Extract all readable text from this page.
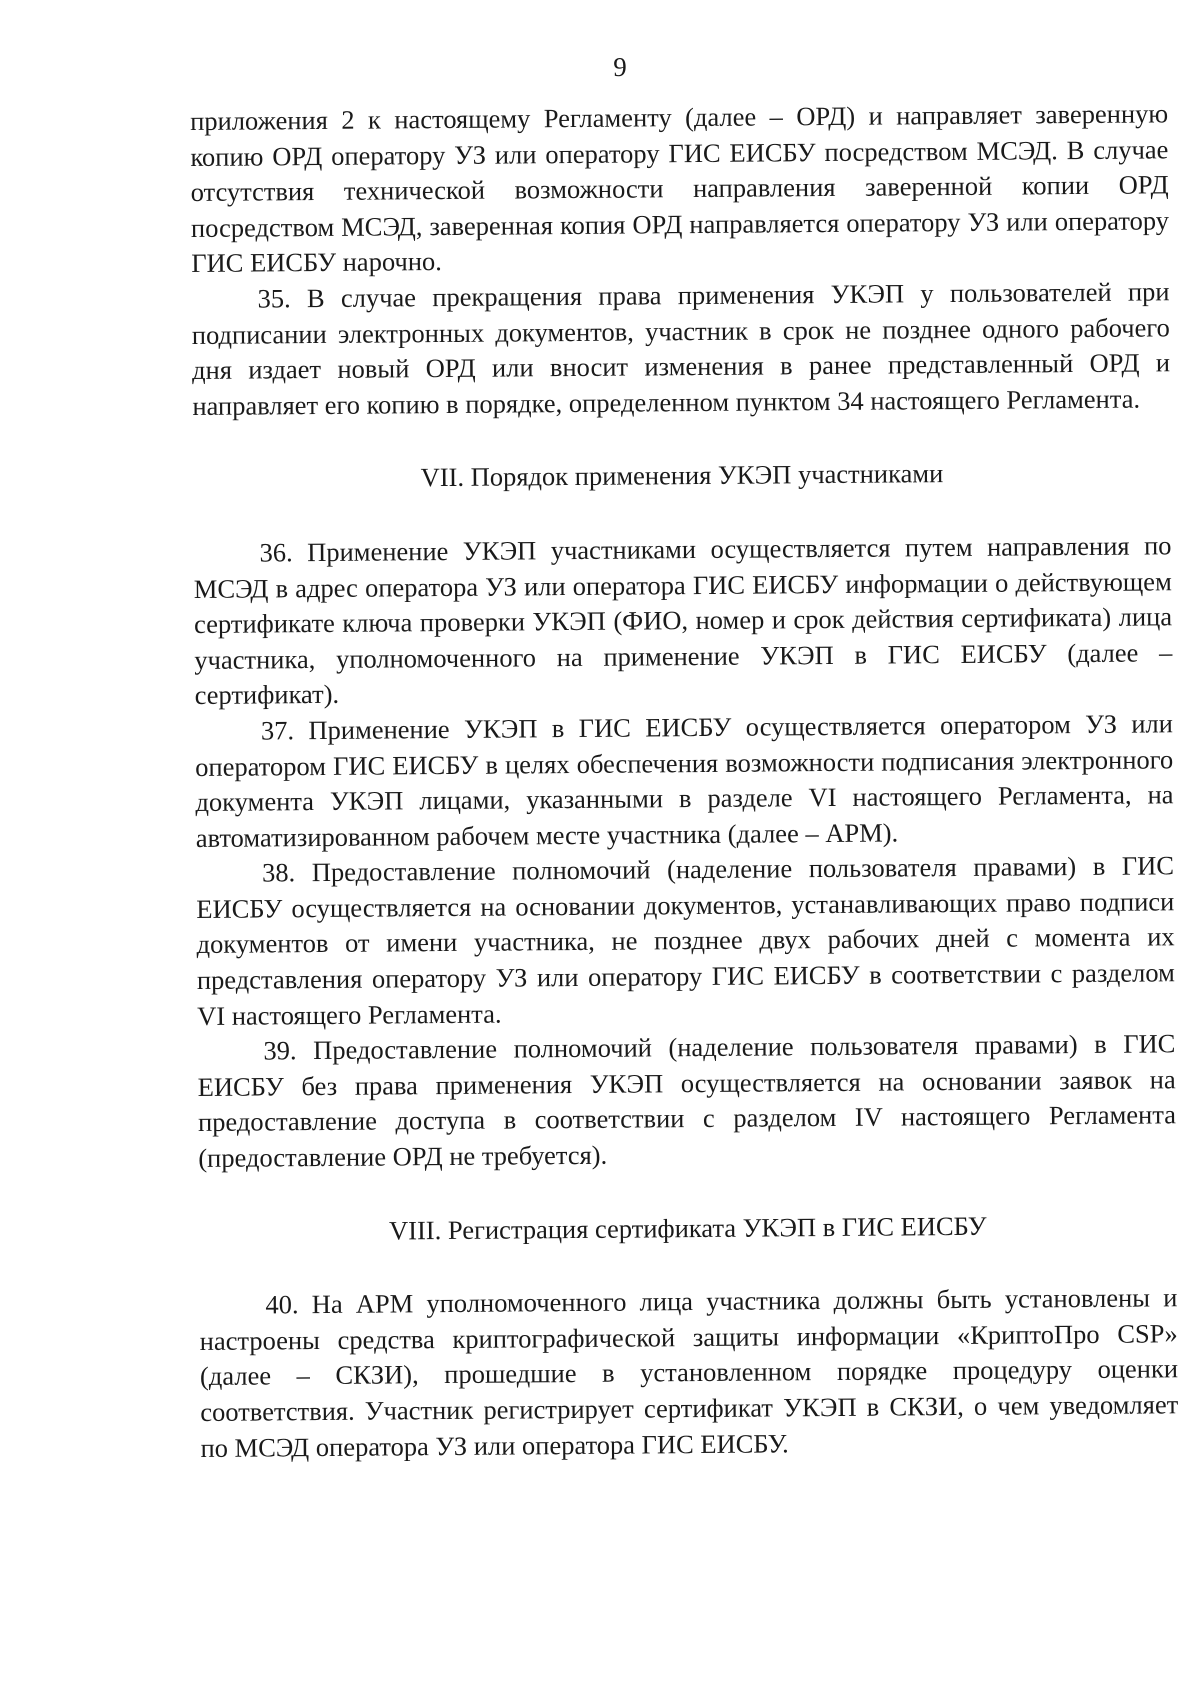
9

приложения 2 к настоящему Регламенту (далее – ОРД) и направляет заверенную копию ОРД оператору УЗ или оператору ГИС ЕИСБУ посредством МСЭД. В случае отсутствия технической возможности направления заверенной копии ОРД посредством МСЭД, заверенная копия ОРД направляется оператору УЗ или оператору ГИС ЕИСБУ нарочно.

35. В случае прекращения права применения УКЭП у пользователей при подписании электронных документов, участник в срок не позднее одного рабочего дня издает новый ОРД или вносит изменения в ранее представленный ОРД и направляет его копию в порядке, определенном пунктом 34 настоящего Регламента.

VII. Порядок применения УКЭП участниками

36. Применение УКЭП участниками осуществляется путем направления по МСЭД в адрес оператора УЗ или оператора ГИС ЕИСБУ информации о действующем сертификате ключа проверки УКЭП (ФИО, номер и срок действия сертификата) лица участника, уполномоченного на применение УКЭП в ГИС ЕИСБУ (далее – сертификат).

37. Применение УКЭП в ГИС ЕИСБУ осуществляется оператором УЗ или оператором ГИС ЕИСБУ в целях обеспечения возможности подписания электронного документа УКЭП лицами, указанными в разделе VI настоящего Регламента, на автоматизированном рабочем месте участника (далее – АРМ).

38. Предоставление полномочий (наделение пользователя правами) в ГИС ЕИСБУ осуществляется на основании документов, устанавливающих право подписи документов от имени участника, не позднее двух рабочих дней с момента их представления оператору УЗ или оператору ГИС ЕИСБУ в соответствии с разделом VI настоящего Регламента.

39. Предоставление полномочий (наделение пользователя правами) в ГИС ЕИСБУ без права применения УКЭП осуществляется на основании заявок на предоставление доступа в соответствии с разделом IV настоящего Регламента (предоставление ОРД не требуется).

VIII. Регистрация сертификата УКЭП в ГИС ЕИСБУ

40. На АРМ уполномоченного лица участника должны быть установлены и настроены средства криптографической защиты информации «КриптоПро CSP» (далее – СКЗИ), прошедшие в установленном порядке процедуру оценки соответствия. Участник регистрирует сертификат УКЭП в СКЗИ, о чем уведомляет по МСЭД оператора УЗ или оператора ГИС ЕИСБУ.
